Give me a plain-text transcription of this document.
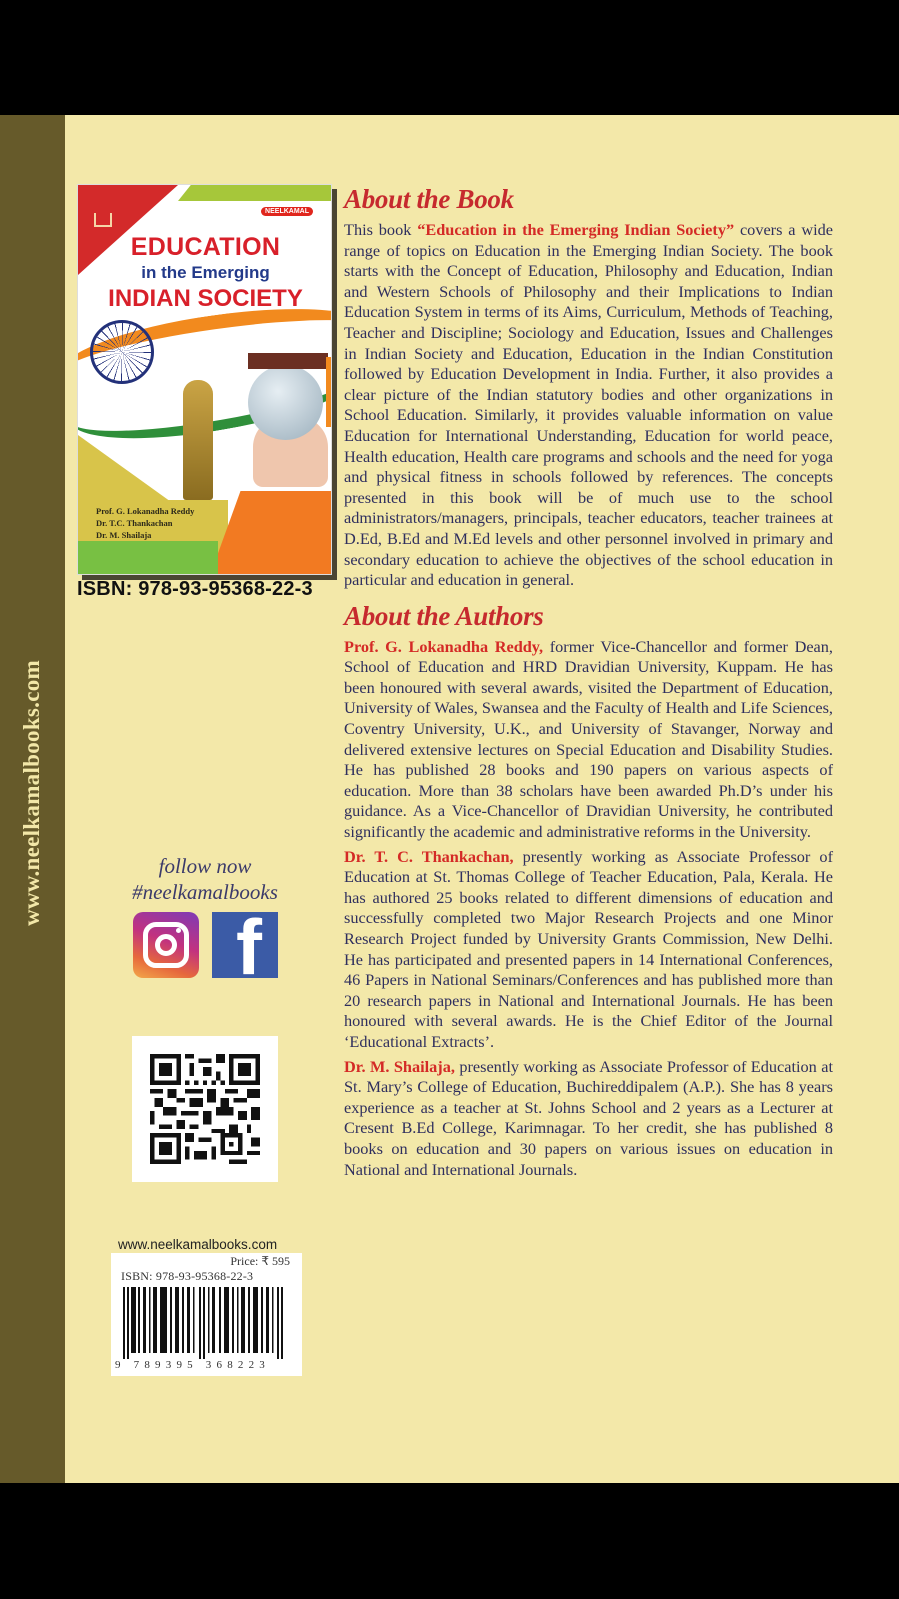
www.neelkamalbooks.com
NEELKAMAL
EDUCATION
in the Emerging
INDIAN SOCIETY
Prof. G. Lokanadha Reddy
Dr. T.C. Thankachan
Dr. M. Shailaja
ISBN: 978-93-95368-22-3
follow now
#neelkamalbooks
f
www.neelkamalbooks.com
Price: ₹ 595
ISBN: 978-93-95368-22-3
9 789395 368223
About the Book

This book “Education in the Emerging Indian Society” covers a wide range of topics on Education in the Emerging Indian Society. The book starts with the Concept of Education, Philosophy and Education, Indian and Western Schools of Philosophy and their Implications to Indian Education System in terms of its Aims, Curriculum, Methods of Teaching, Teacher and Discipline; Sociology and Education, Issues and Challenges in Indian Society and Education, Education in the Indian Constitution followed by Education Development in India. Further, it also provides a clear picture of the Indian statutory bodies and other organizations in School Education. Similarly, it provides valuable information on value Education for International Understanding, Education for world peace, Health education, Health care programs and schools and the need for yoga and physical fitness in schools followed by references. The concepts presented in this book will be of much use to the school administrators/managers, principals, teacher educators, teacher trainees at D.Ed, B.Ed and M.Ed levels and other personnel involved in primary and secondary education to achieve the objectives of the school education in particular and education in general.

About the Authors

Prof. G. Lokanadha Reddy, former Vice-Chancellor and former Dean, School of Education and HRD Dravidian University, Kuppam. He has been honoured with several awards, visited the Department of Education, University of Wales, Swansea and the Faculty of Health and Life Sciences, Coventry University, U.K., and University of Stavanger, Norway and delivered extensive lectures on Special Education and Disability Studies. He has published 28 books and 190 papers on various aspects of education. More than 38 scholars have been awarded Ph.D’s under his guidance. As a Vice-Chancellor of Dravidian University, he contributed significantly the academic and administrative reforms in the University.

Dr. T. C. Thankachan, presently working as Associate Professor of Education at St. Thomas College of Teacher Education, Pala, Kerala. He has authored 25 books related to different dimensions of education and successfully completed two Major Research Projects and one Minor Research Project funded by University Grants Commission, New Delhi. He has participated and presented papers in 14 International Conferences, 46 Papers in National Seminars/Conferences and has published more than 20 research papers in National and International Journals. He has been honoured with several awards. He is the Chief Editor of the Journal ‘Educational Extracts’.

Dr. M. Shailaja, presently working as Associate Professor of Education at St. Mary’s College of Education, Buchireddipalem (A.P.). She has 8 years experience as a teacher at St. Johns School and 2 years as a Lecturer at Cresent B.Ed College, Karimnagar. To her credit, she has published 8 books on education and 30 papers on various issues on education in National and International Journals.
